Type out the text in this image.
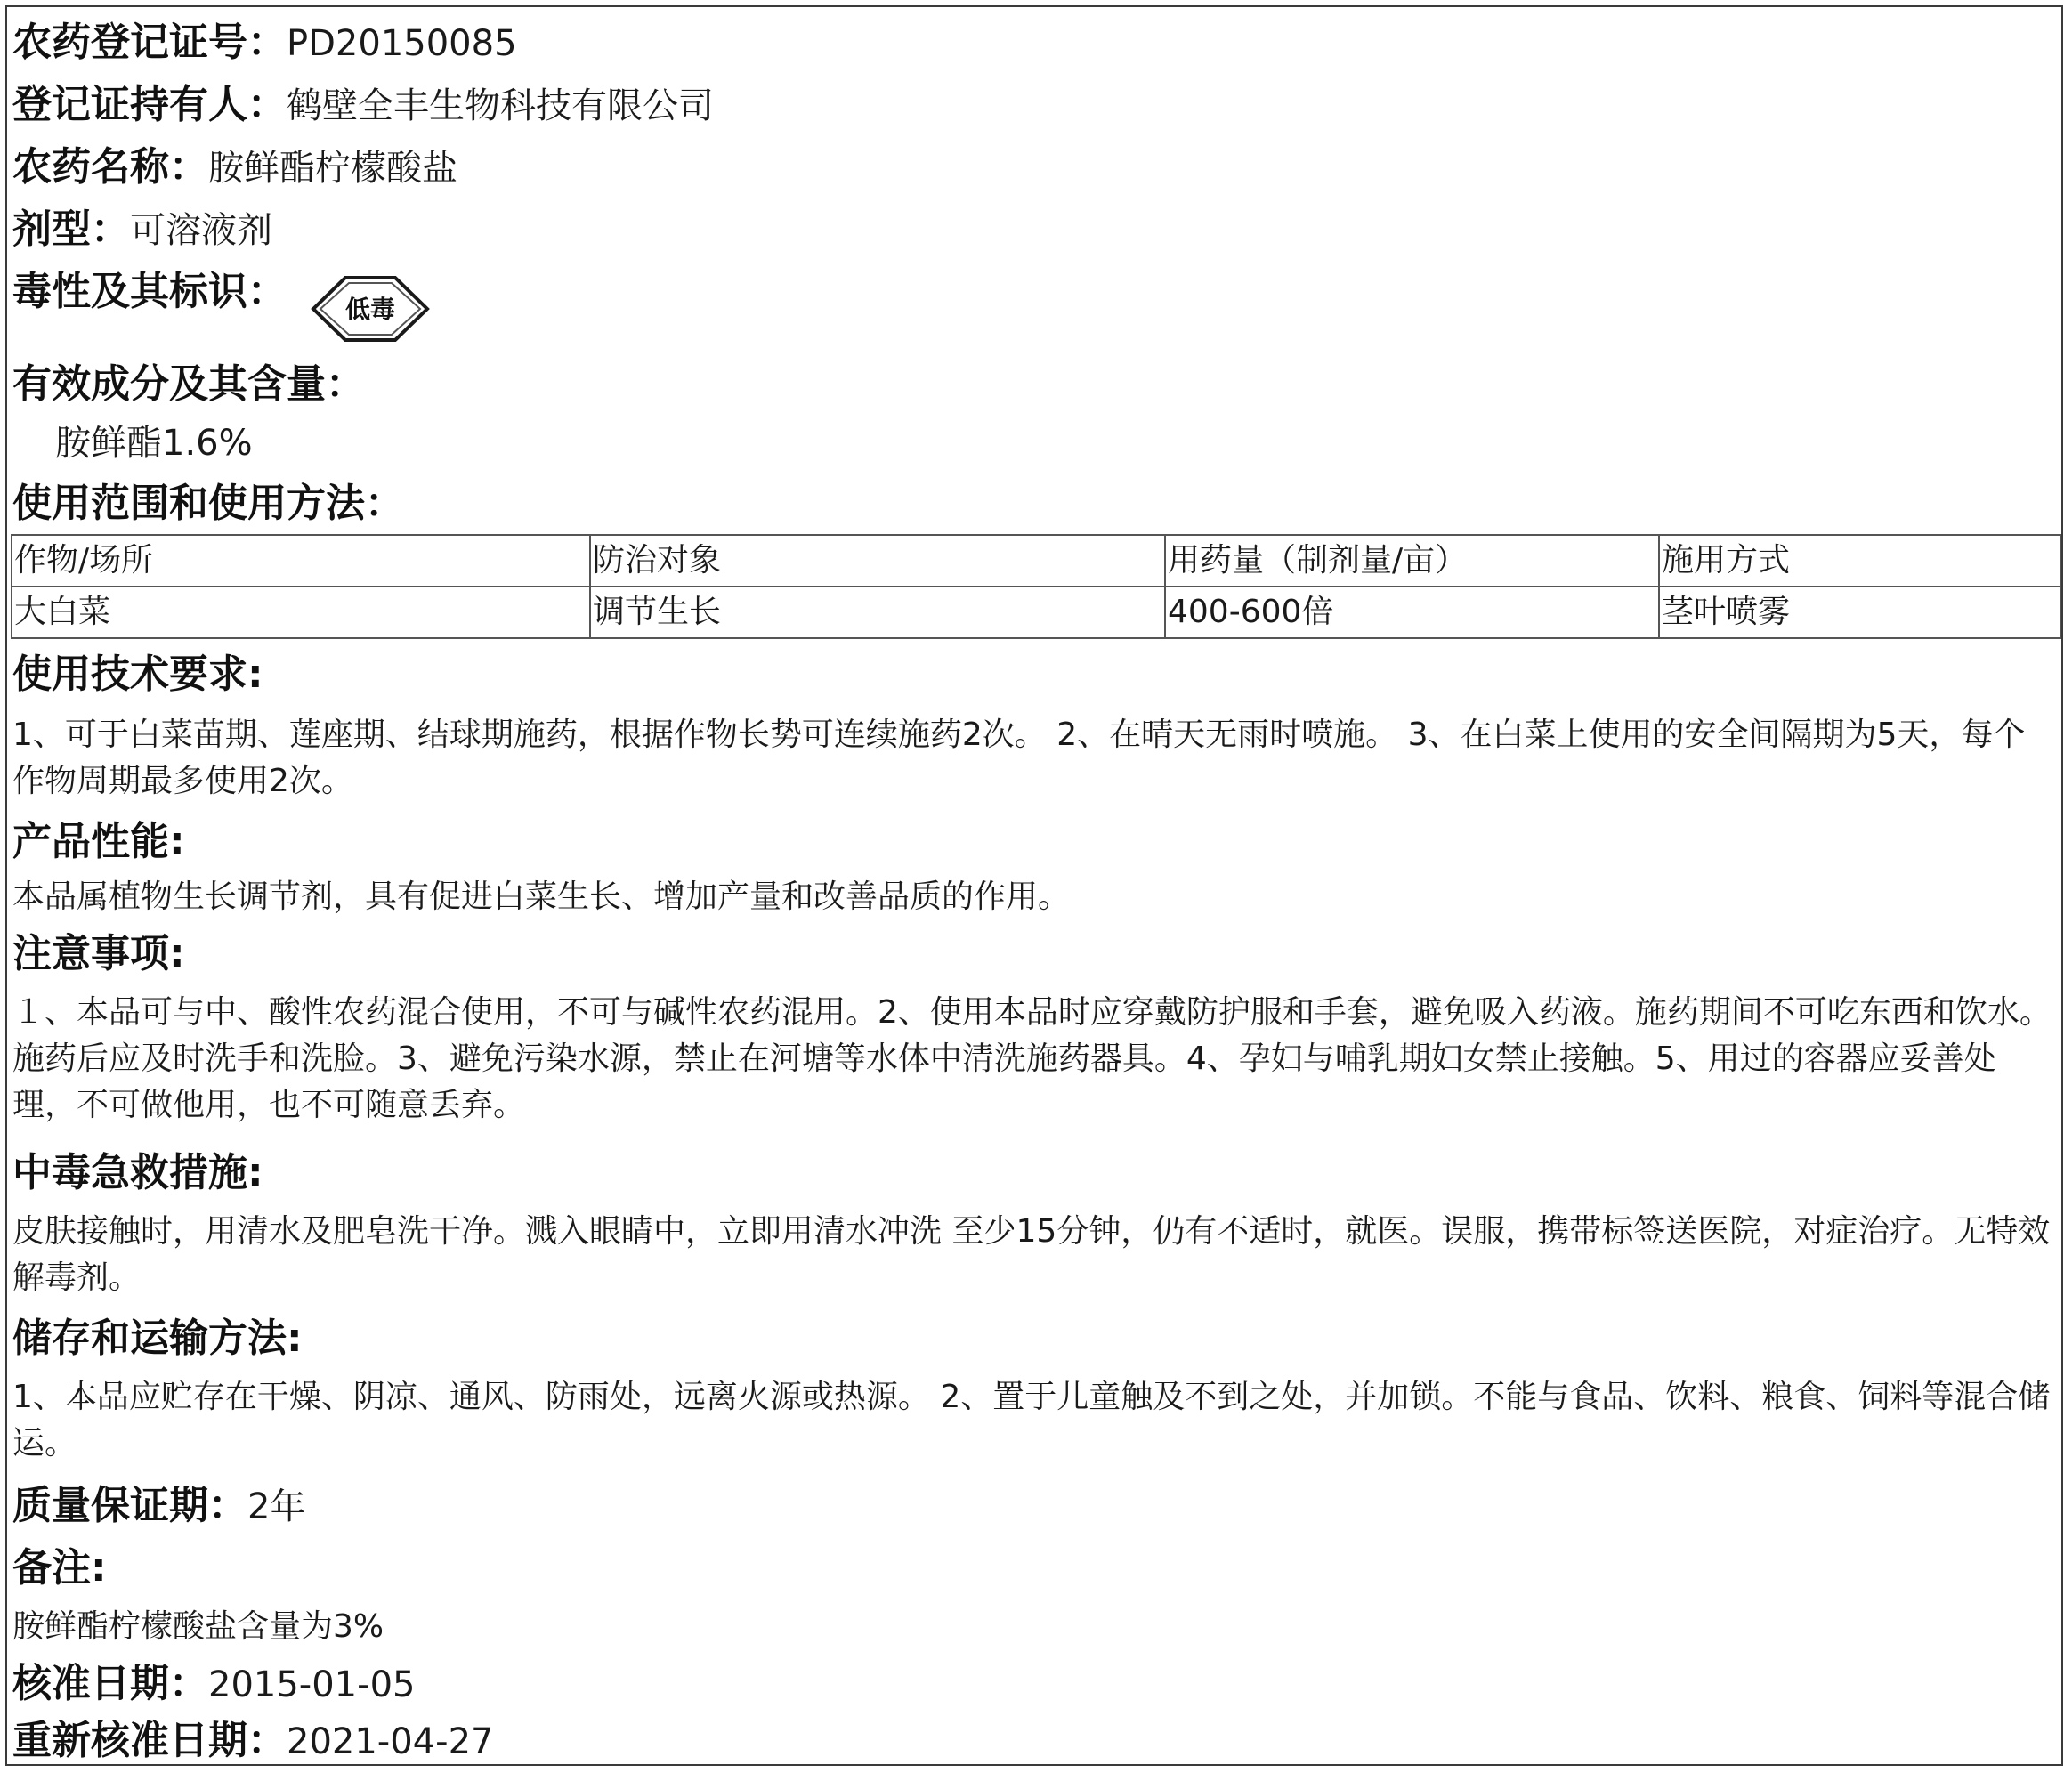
农药登记证号：PD20150085
登记证持有人：鹤壁全丰生物科技有限公司
农药名称：胺鲜酯柠檬酸盐
剂型：可溶液剂
毒性及其标识： 低毒
有效成分及其含量：
胺鲜酯1.6%
使用范围和使用方法：
作物/场所	防治对象	用药量（制剂量/亩）	施用方式
大白菜	调节生长	400-600倍	茎叶喷雾
使用技术要求:
1、可于白菜苗期、莲座期、结球期施药，根据作物长势可连续施药2次。 2、在晴天无雨时喷施。 3、在白菜上使用的安全间隔期为5天，每个作物周期最多使用2次。
产品性能:
本品属植物生长调节剂，具有促进白菜生长、增加产量和改善品质的作用。
注意事项:
１、本品可与中、酸性农药混合使用，不可与碱性农药混用。2、使用本品时应穿戴防护服和手套，避免吸入药液。施药期间不可吃东西和饮水。施药后应及时洗手和洗脸。3、避免污染水源，禁止在河塘等水体中清洗施药器具。4、孕妇与哺乳期妇女禁止接触。5、用过的容器应妥善处理，不可做他用，也不可随意丢弃。
中毒急救措施:
皮肤接触时，用清水及肥皂洗干净。溅入眼睛中，立即用清水冲洗 至少15分钟，仍有不适时，就医。误服，携带标签送医院，对症治疗。无特效解毒剂。
储存和运输方法:
1、本品应贮存在干燥、阴凉、通风、防雨处，远离火源或热源。 2、置于儿童触及不到之处，并加锁。不能与食品、饮料、粮食、饲料等混合储运。
质量保证期：2年
备注:
胺鲜酯柠檬酸盐含量为3%
核准日期：2015-01-05
重新核准日期：2021-04-27
